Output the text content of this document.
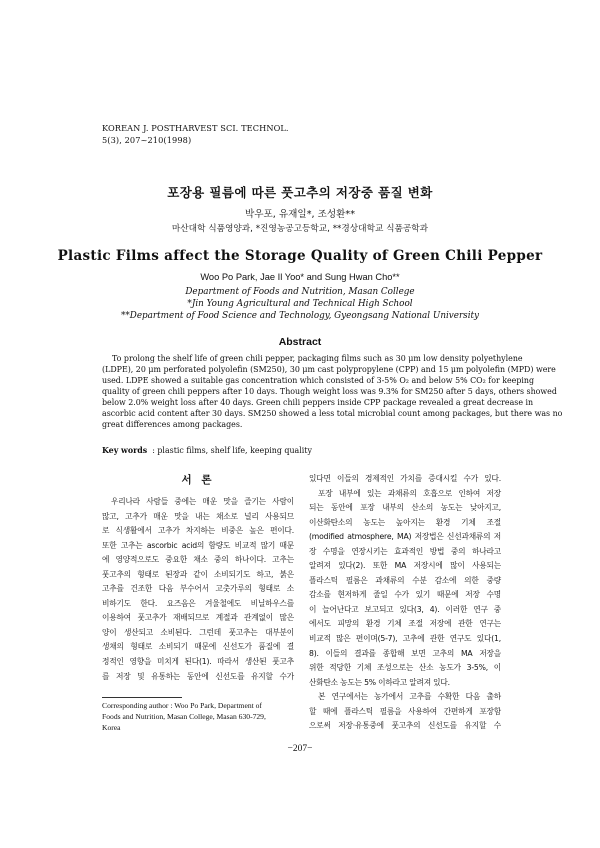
KOREAN J. POSTHARVEST SCI. TECHNOL.
5(3), 207~210(1998)
포장용 필름에 따른 풋고추의 저장중 품질 변화
박우포, 유재일*, 조성환**
마산대학 식품영양과, *진영농공고등학교, **경상대학교 식품공학과
Plastic Films affect the Storage Quality of Green Chili Pepper
Woo Po Park, Jae Il Yoo* and Sung Hwan Cho**
Department of Foods and Nutrition, Masan College
*Jin Young Agricultural and Technical High School
**Department of Food Science and Technology, Gyeongsang National University
Abstract
To prolong the shelf life of green chili pepper, packaging films such as 30 μm low density polyethylene
(LDPE), 20 μm perforated polyolefin (SM250), 30 μm cast polypropylene (CPP) and 15 μm polyolefin (MPD) were
used. LDPE showed a suitable gas concentration which consisted of 3-5% O₂ and below 5% CO₂ for keeping
quality of green chili peppers after 10 days. Though weight loss was 9.3% for SM250 after 5 days, others showed
below 2.0% weight loss after 40 days. Green chili peppers inside CPP package revealed a great decrease in
ascorbic acid content after 30 days. SM250 showed a less total microbial count among packages, but there was no
great differences among packages.
Key words : plastic films, shelf life, keeping quality
서 론
우리나라 사람들 중에는 매운 맛을 즐기는 사람이
많고, 고추가 매운 맛을 내는 채소로 널리 사용되므
로 식생활에서 고추가 차지하는 비중은 높은 편이다.
또한 고추는 ascorbic acid의 함량도 비교적 많기 때문
에 영양적으로도 중요한 채소 중의 하나이다. 고추는
풋고추의 형태로 된장과 같이 소비되기도 하고, 붉은
고추를 건조한 다음 부수어서 고춧가루의 형태로 소
비하기도 한다. 요즈음은 겨울철에도 비닐하우스를
이용하여 풋고추가 재배되므로 계절과 관계없이 많은
양이 생산되고 소비된다. 그런데 풋고추는 대부분이
생채의 형태로 소비되기 때문에 신선도가 품질에 결
정적인 영향을 미치게 된다(1). 따라서 생산된 풋고추
를 저장 및 유통하는 동안에 신선도를 유지할 수가
Corresponding author : Woo Po Park, Department of
Foods and Nutrition, Masan College, Masan 630-729,
Korea
있다면 이들의 경제적인 가치를 증대시킬 수가 있다.
포장 내부에 있는 과채류의 호흡으로 인하여 저장
되는 동안에 포장 내부의 산소의 농도는 낮아지고,
이산화탄소의 농도는 높아지는 환경 기체 조절
(modified atmosphere, MA) 저장법은 신선과채류의 저
장 수명을 연장시키는 효과적인 방법 중의 하나라고
알려져 있다(2). 또한 MA 저장시에 많이 사용되는
플라스틱 필름은 과채류의 수분 감소에 의한 중량
감소를 현저하게 줄일 수가 있기 때문에 저장 수명
이 늘어난다고 보고되고 있다(3, 4). 이러한 연구 중
에서도 피망의 환경 기체 조절 저장에 관한 연구는
비교적 많은 편이며(5-7), 고추에 관한 연구도 있다(1,
8). 이들의 결과를 종합해 보면 고추의 MA 저장을
위한 적당한 기체 조성으로는 산소 농도가 3-5%, 이
산화탄소 농도는 5% 이하라고 알려져 있다.
본 연구에서는 농가에서 고추를 수확한 다음 출하
할 때에 플라스틱 필름을 사용하여 간편하게 포장함
으로써 저장·유통중에 풋고추의 신선도를 유지할 수
−207−
